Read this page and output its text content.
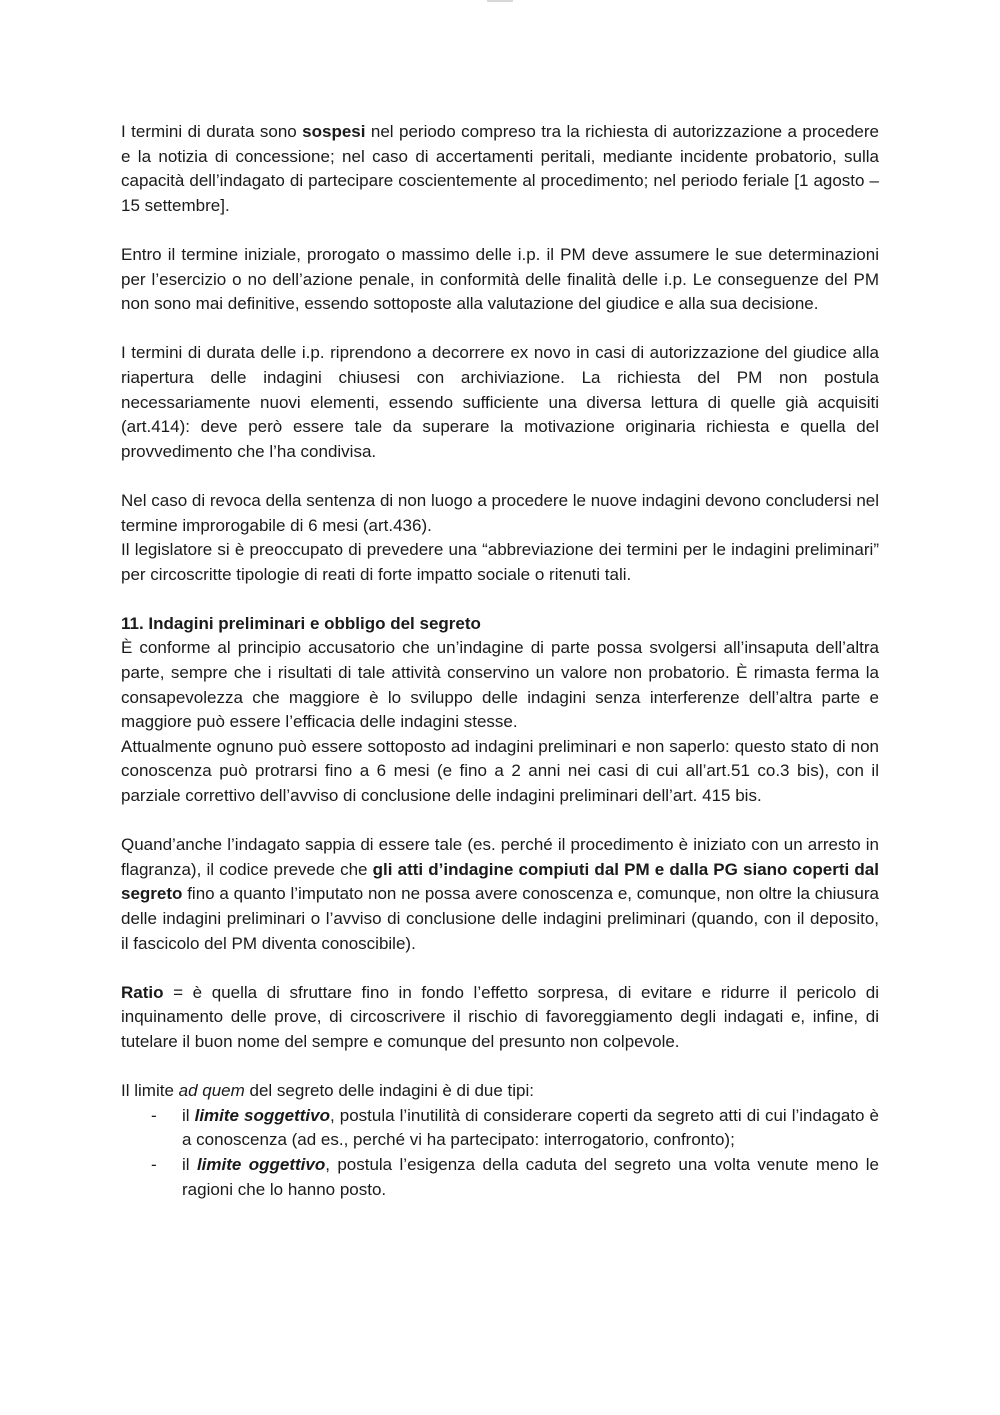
I termini di durata sono sospesi nel periodo compreso tra la richiesta di autorizzazione a procedere e la notizia di concessione; nel caso di accertamenti peritali, mediante incidente probatorio, sulla capacità dell’indagato di partecipare coscientemente al procedimento; nel periodo feriale [1 agosto – 15 settembre].

Entro il termine iniziale, prorogato o massimo delle i.p. il PM deve assumere le sue determinazioni per l’esercizio o no dell’azione penale, in conformità delle finalità delle i.p. Le conseguenze del PM non sono mai definitive, essendo sottoposte alla valutazione del giudice e alla sua decisione.

I termini di durata delle i.p. riprendono a decorrere ex novo in casi di autorizzazione del giudice alla riapertura delle indagini chiusesi con archiviazione. La richiesta del PM non postula necessariamente nuovi elementi, essendo sufficiente una diversa lettura di quelle già acquisiti (art.414): deve però essere tale da superare la motivazione originaria richiesta e quella del provvedimento che l’ha condivisa.

Nel caso di revoca della sentenza di non luogo a procedere le nuove indagini devono concludersi nel termine improrogabile di 6 mesi (art.436).

Il legislatore si è preoccupato di prevedere una “abbreviazione dei termini per le indagini preliminari” per circoscritte tipologie di reati di forte impatto sociale o ritenuti tali.

11. Indagini preliminari e obbligo del segreto

È conforme al principio accusatorio che un’indagine di parte possa svolgersi all’insaputa dell’altra parte, sempre che i risultati di tale attività conservino un valore non probatorio. È rimasta ferma la consapevolezza che maggiore è lo sviluppo delle indagini senza interferenze dell’altra parte e maggiore può essere l’efficacia delle indagini stesse.

Attualmente ognuno può essere sottoposto ad indagini preliminari e non saperlo: questo stato di non conoscenza può protrarsi fino a 6 mesi (e fino a 2 anni nei casi di cui all’art.51 co.3 bis), con il parziale correttivo dell’avviso di conclusione delle indagini preliminari dell’art. 415 bis.

Quand’anche l’indagato sappia di essere tale (es. perché il procedimento è iniziato con un arresto in flagranza), il codice prevede che gli atti d’indagine compiuti dal PM e dalla PG siano coperti dal segreto fino a quanto l’imputato non ne possa avere conoscenza e, comunque, non oltre la chiusura delle indagini preliminari o l’avviso di conclusione delle indagini preliminari (quando, con il deposito, il fascicolo del PM diventa conoscibile).

Ratio = è quella di sfruttare fino in fondo l’effetto sorpresa, di evitare e ridurre il pericolo di inquinamento delle prove, di circoscrivere il rischio di favoreggiamento degli indagati e, infine, di tutelare il buon nome del sempre e comunque del presunto non colpevole.

Il limite ad quem del segreto delle indagini è di due tipi:

- il limite soggettivo, postula l’inutilità di considerare coperti da segreto atti di cui l’indagato è a conoscenza (ad es., perché vi ha partecipato: interrogatorio, confronto);
- il limite oggettivo, postula l’esigenza della caduta del segreto una volta venute meno le ragioni che lo hanno posto.
